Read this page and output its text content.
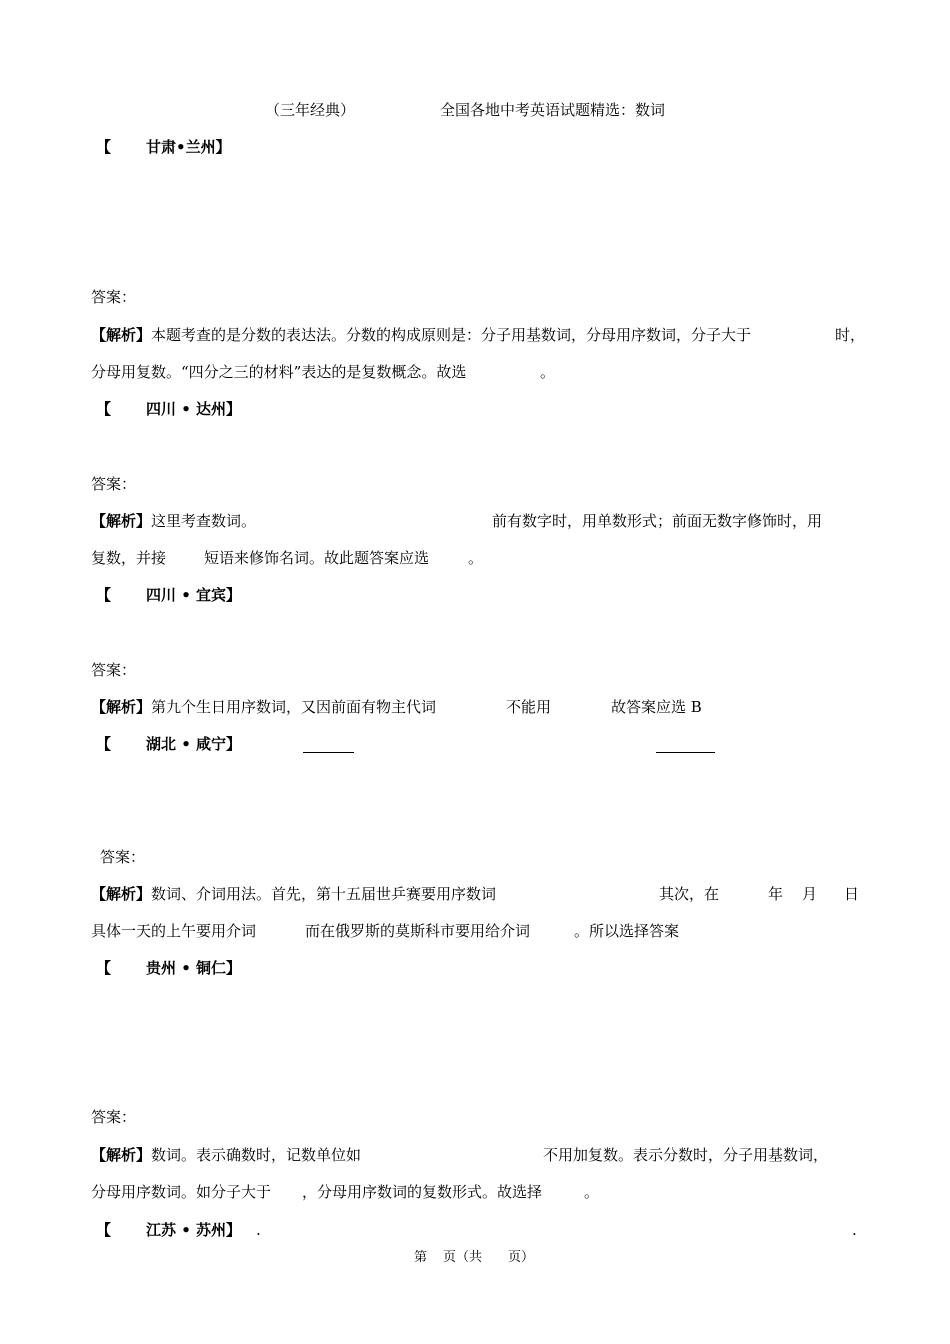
（三年经典）	全国各地中考英语试题精选：数词
【 甘肃•兰州】
答案：
【解析】本题考查的是分数的表达法。分数的构成原则是：分子用基数词，分母用序数词，分子大于	时，
分母用复数。“四分之三的材料”表达的是复数概念。故选	。
【 四川 • 达州】
答案：
【解析】这里考查数词。	前有数字时，用单数形式；前面无数字修饰时，用
复数，并接	短语来修饰名词。故此题答案应选	。
【 四川 • 宜宾】
答案：
【解析】第九个生日用序数词，又因前面有物主代词	不能用	故答案应选 B
【 湖北 • 咸宁】
答案：
【解析】数词、介词用法。首先，第十五届世乒赛要用序数词	其次，在	年 月 日
具体一天的上午要用介词	而在俄罗斯的莫斯科市要用给介词	。所以选择答案
【 贵州 • 铜仁】
答案：
【解析】数词。表示确数时，记数单位如	不用加复数。表示分数时，分子用基数词，
分母用序数词。如分子大于 ，分母用序数词的复数形式。故选择	。
【 江苏 • 苏州】 .	.
第 页（共 页）
